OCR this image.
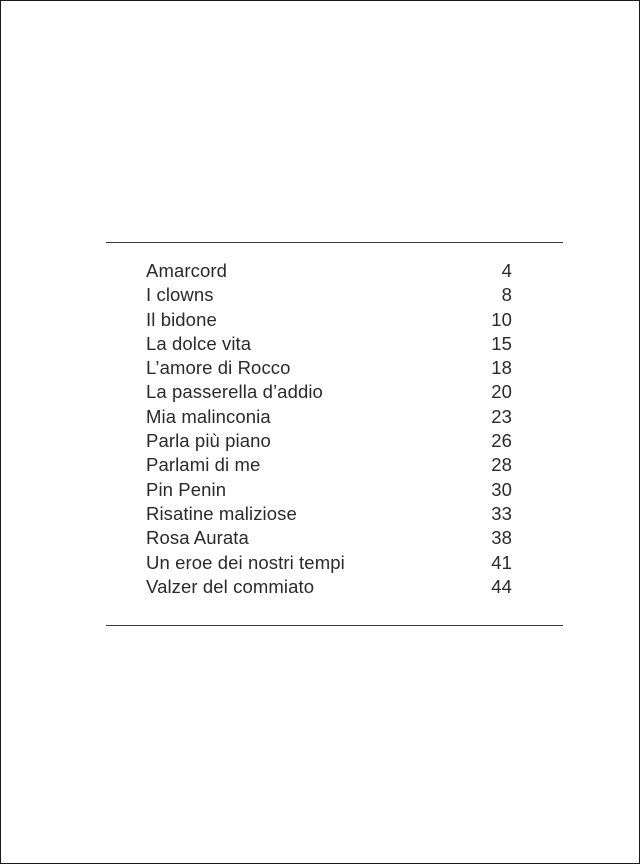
Amarcord	4
I clowns	8
Il bidone	10
La dolce vita	15
L’amore di Rocco	18
La passerella d’addio	20
Mia malinconia	23
Parla più piano	26
Parlami di me	28
Pin Penin	30
Risatine maliziose	33
Rosa Aurata	38
Un eroe dei nostri tempi	41
Valzer del commiato	44
